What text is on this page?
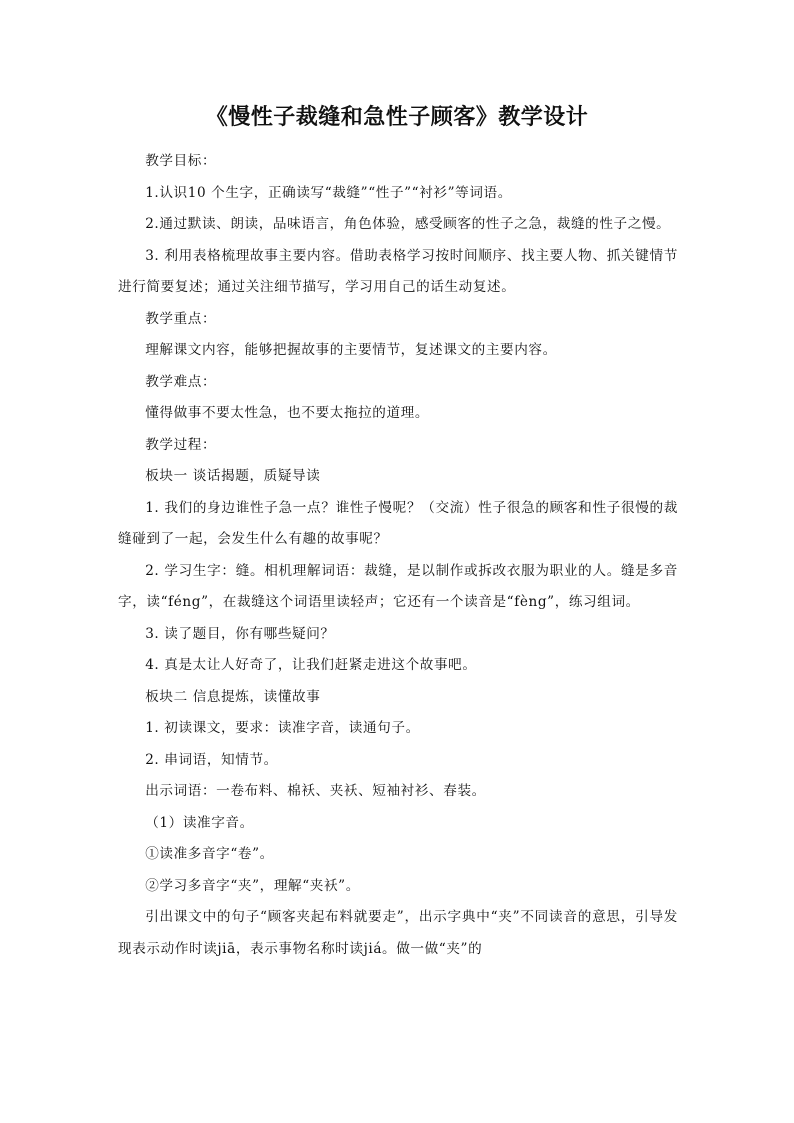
《慢性子裁缝和急性子顾客》教学设计

教学目标：

1.认识10 个生字，正确读写“裁缝”“性子”“衬衫”等词语。

2.通过默读、朗读，品味语言，角色体验，感受顾客的性子之急，裁缝的性子之慢。

3. 利用表格梳理故事主要内容。借助表格学习按时间顺序、找主要人物、抓关键情节进行简要复述；通过关注细节描写，学习用自己的话生动复述。

教学重点：

理解课文内容，能够把握故事的主要情节，复述课文的主要内容。

教学难点：

懂得做事不要太性急，也不要太拖拉的道理。

教学过程：

板块一 谈话揭题，质疑导读

1. 我们的身边谁性子急一点？谁性子慢呢？（交流）性子很急的顾客和性子很慢的裁缝碰到了一起，会发生什么有趣的故事呢？

2. 学习生字：缝。相机理解词语：裁缝，是以制作或拆改衣服为职业的人。缝是多音字，读“féng”，在裁缝这个词语里读轻声；它还有一个读音是“fèng”，练习组词。

3. 读了题目，你有哪些疑问？

4. 真是太让人好奇了，让我们赶紧走进这个故事吧。

板块二 信息提炼，读懂故事

1. 初读课文，要求：读准字音，读通句子。

2. 串词语，知情节。

出示词语：一卷布料、棉袄、夹袄、短袖衬衫、春装。

（1）读准字音。

①读准多音字“卷”。

②学习多音字“夹”，理解“夹袄”。

引出课文中的句子“顾客夹起布料就要走”，出示字典中“夹”不同读音的意思，引导发现表示动作时读jiā，表示事物名称时读jiá。做一做“夹”的
